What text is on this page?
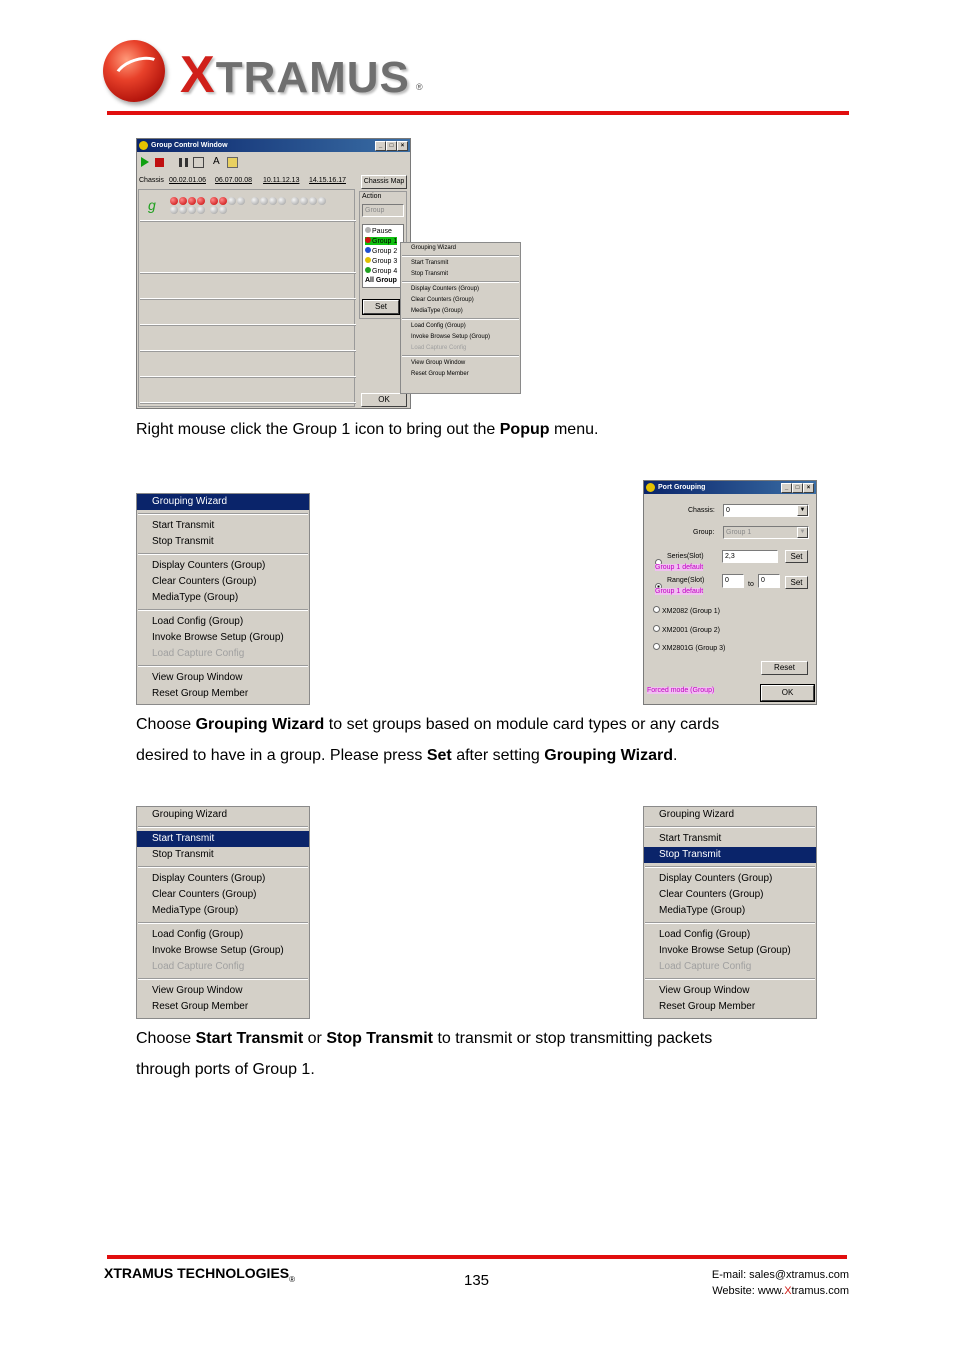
XTRAMUS ®
Group Control Window	_	□	×
A
Chassis 00.02.01.06 06.07.00.08 10.11.12.13 14.15.16.17
g

Chassis Map
Action
Group
Pause
Group 1
Group 2
Group 3
Group 4
All Group
Set
OK
Grouping Wizard
Start Transmit
Stop Transmit
Display Counters (Group)
Clear Counters (Group)
MediaType (Group)
Load Config (Group)
Invoke Browse Setup (Group)
Load Capture Config
View Group Window
Reset Group Member
Right mouse click the Group 1 icon to bring out the Popup menu.
Grouping Wizard
Start Transmit
Stop Transmit
Display Counters (Group)
Clear Counters (Group)
MediaType (Group)
Load Config (Group)
Invoke Browse Setup (Group)
Load Capture Config
View Group Window
Reset Group Member
Port Grouping	_	□	×
Chassis:	0	▼
Group:	Group 1	▼
Series(Slot)	2,3	Set
Group 1 default
Range(Slot)	0
to
0	Set
Group 1 default
XM2082 (Group 1)
XM2001 (Group 2)
XM2801G (Group 3)
Reset
Forced mode (Group)	OK
Choose Grouping Wizard to set groups based on module card types or any cards
desired to have in a group. Please press Set after setting Grouping Wizard.
Grouping Wizard
Start Transmit
Stop Transmit
Display Counters (Group)
Clear Counters (Group)
MediaType (Group)
Load Config (Group)
Invoke Browse Setup (Group)
Load Capture Config
View Group Window
Reset Group Member
Grouping Wizard
Start Transmit
Stop Transmit
Display Counters (Group)
Clear Counters (Group)
MediaType (Group)
Load Config (Group)
Invoke Browse Setup (Group)
Load Capture Config
View Group Window
Reset Group Member
Choose Start Transmit or Stop Transmit to transmit or stop transmitting packets
through ports of Group 1.
XTRAMUS $TECHNOLOGIES_®$	135	E-mail: sales@xtramus.com
Website: www.Xtramus.com
